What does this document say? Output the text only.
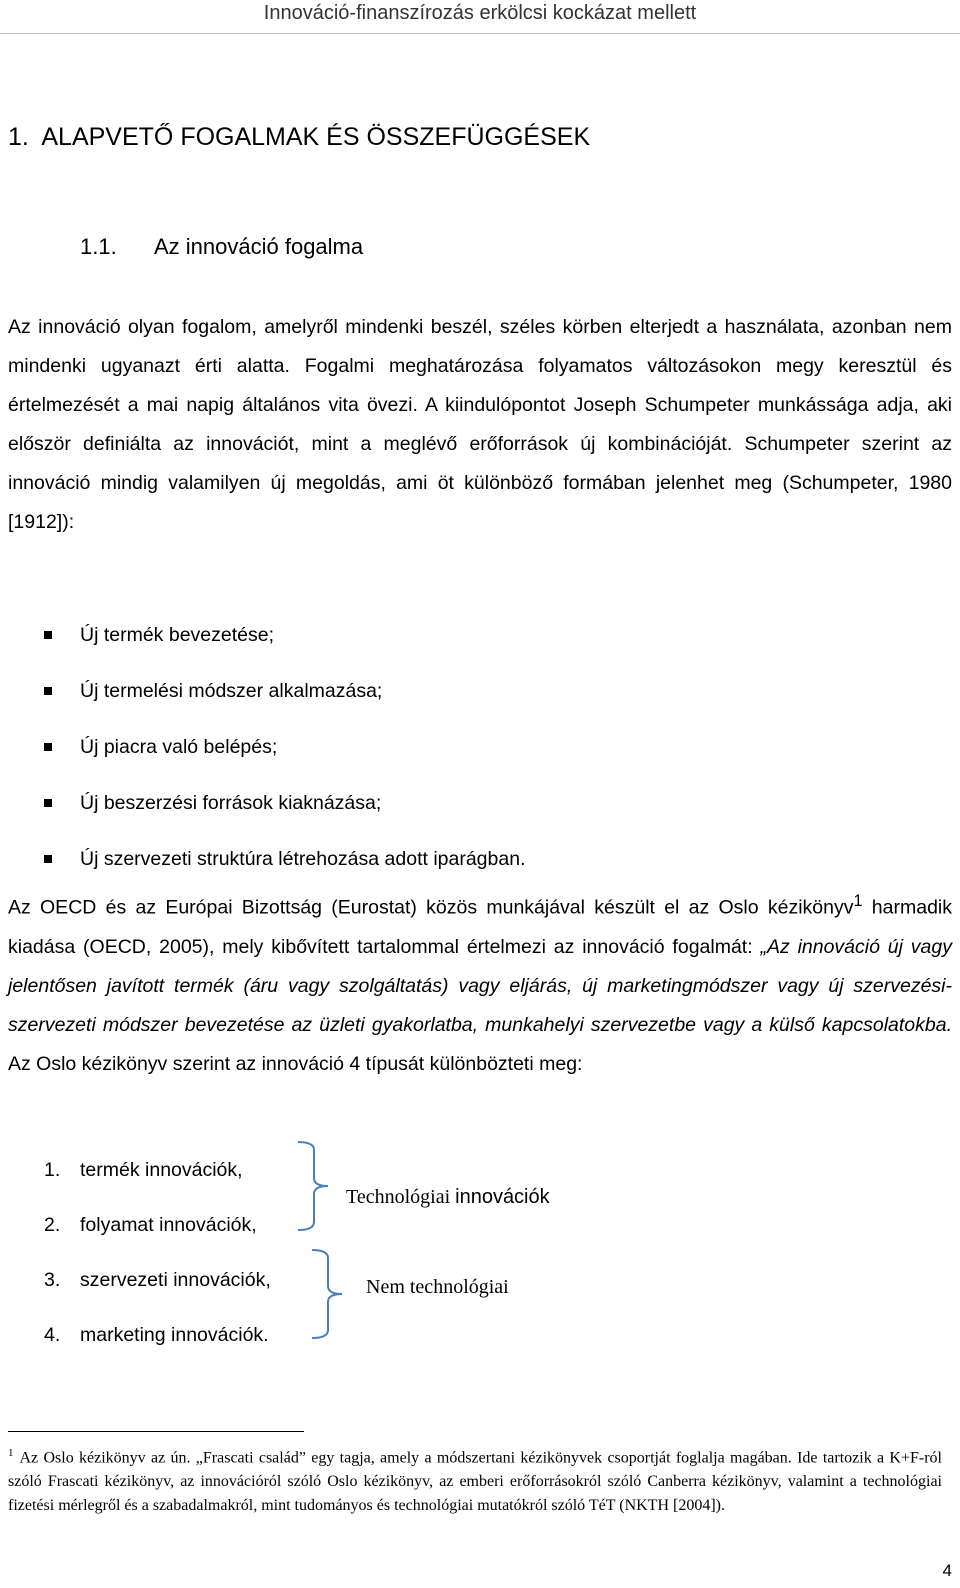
Innováció-finanszírozás erkölcsi kockázat mellett
1. ALAPVETŐ FOGALMAK ÉS ÖSSZEFÜGGÉSEK
1.1. Az innováció fogalma
Az innováció olyan fogalom, amelyről mindenki beszél, széles körben elterjedt a használata, azonban nem mindenki ugyanazt érti alatta. Fogalmi meghatározása folyamatos változásokon megy keresztül és értelmezését a mai napig általános vita övezi. A kiindulópontot Joseph Schumpeter munkássága adja, aki először definiálta az innovációt, mint a meglévő erőforrások új kombinációját. Schumpeter szerint az innováció mindig valamilyen új megoldás, ami öt különböző formában jelenhet meg (Schumpeter, 1980 [1912]):
Új termék bevezetése;
Új termelési módszer alkalmazása;
Új piacra való belépés;
Új beszerzési források kiaknázása;
Új szervezeti struktúra létrehozása adott iparágban.
Az OECD és az Európai Bizottság (Eurostat) közös munkájával készült el az Oslo kézikönyv$^1$ harmadik kiadása (OECD, 2005), mely kibővített tartalommal értelmezi az innováció fogalmát: „Az innováció új vagy jelentősen javított termék (áru vagy szolgáltatás) vagy eljárás, új marketingmódszer vagy új szervezési-szervezeti módszer bevezetése az üzleti gyakorlatba, munkahelyi szervezetbe vagy a külső kapcsolatokba. Az Oslo kézikönyv szerint az innováció 4 típusát különbözteti meg:
1. termék innovációk,
2. folyamat innovációk,
3. szervezeti innovációk,
4. marketing innovációk.
Technológiai innovációk
Nem technológiai
$^1$ Az Oslo kézikönyv az ún. „Frascati család” egy tagja, amely a módszertani kézikönyvek csoportját foglalja magában. Ide tartozik a K+F-ról szóló Frascati kézikönyv, az innovációról szóló Oslo kézikönyv, az emberi erőforrásokról szóló Canberra kézikönyv, valamint a technológiai fizetési mérlegről és a szabadalmakról, mint tudományos és technológiai mutatókról szóló TéT (NKTH [2004]).
4
